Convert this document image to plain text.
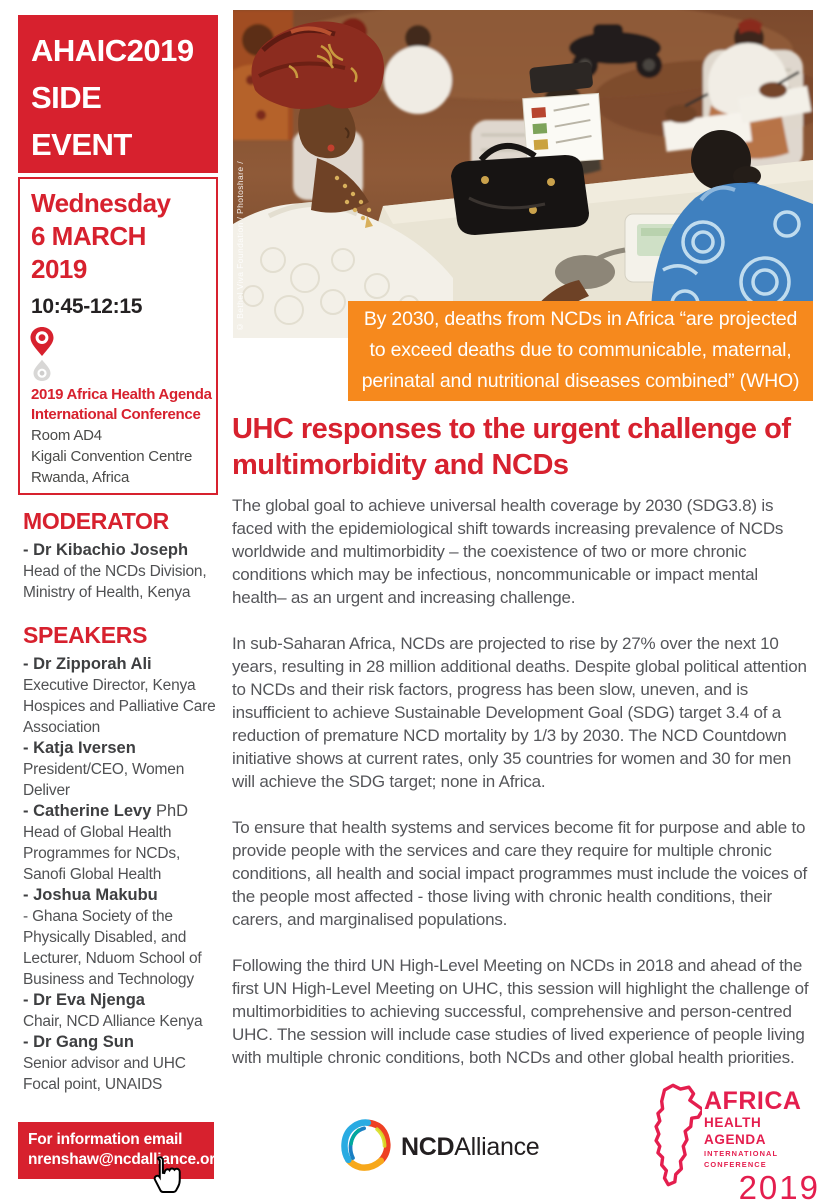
AHAIC2019
SIDE
EVENT
Wednesday
6 MARCH
2019
10:45-12:15
2019 Africa Health Agenda International Conference
Room AD4
Kigali Convention Centre
Rwanda, Africa
MODERATOR
- Dr Kibachio Joseph
Head of the NCDs Division, Ministry of Health, Kenya
SPEAKERS
- Dr Zipporah Ali
Executive Director, Kenya Hospices and Palliative Care Association
- Katja Iversen
President/CEO, Women Deliver
- Catherine Levy PhD
Head of Global Health Programmes for NCDs, Sanofi Global Health
- Joshua Makubu
- Ghana Society of the Physically Disabled, and Lecturer, Nduom School of Business and Technology
- Dr Eva Njenga
Chair, NCD Alliance Kenya
- Dr Gang Sun
Senior advisor and UHC Focal point, UNAIDS
For information email
nrenshaw@ncdalliance.org
© Bethel Viva Foundation / Photoshare /	By 2030, deaths from NCDs in Africa “are projected to exceed deaths due to communicable, maternal, perinatal and nutritional diseases combined” (WHO)
UHC responses to the urgent challenge of multimorbidity and NCDs

The global goal to achieve universal health coverage by 2030 (SDG3.8) is faced with the epidemiological shift towards increasing prevalence of NCDs worldwide and multimorbidity – the coexistence of two or more chronic conditions which may be infectious, noncommunicable or impact mental health– as an urgent and increasing challenge.

In sub-Saharan Africa, NCDs are projected to rise by 27% over the next 10 years, resulting in 28 million additional deaths. Despite global political attention to NCDs and their risk factors, progress has been slow, uneven, and is insufficient to achieve Sustainable Development Goal (SDG) target 3.4 of a reduction of premature NCD mortality by 1/3 by 2030. The NCD Countdown initiative shows at current rates, only 35 countries for women and 30 for men will achieve the SDG target; none in Africa.

To ensure that health systems and services become fit for purpose and able to provide people with the services and care they require for multiple chronic conditions, all health and social impact programmes must include the voices of the people most affected - those living with chronic health conditions, their carers, and marginalised populations.

Following the third UN High-Level Meeting on NCDs in 2018 and ahead of the first UN High-Level Meeting on UHC, this session will highlight the challenge of multimorbidities to achieving successful, comprehensive and person-centred UHC. The session will include case studies of lived experience of people living with multiple chronic conditions, both NCDs and other global health priorities.

NCDAlliance
AFRICA
HEALTH AGENDA
INTERNATIONAL CONFERENCE
2019
